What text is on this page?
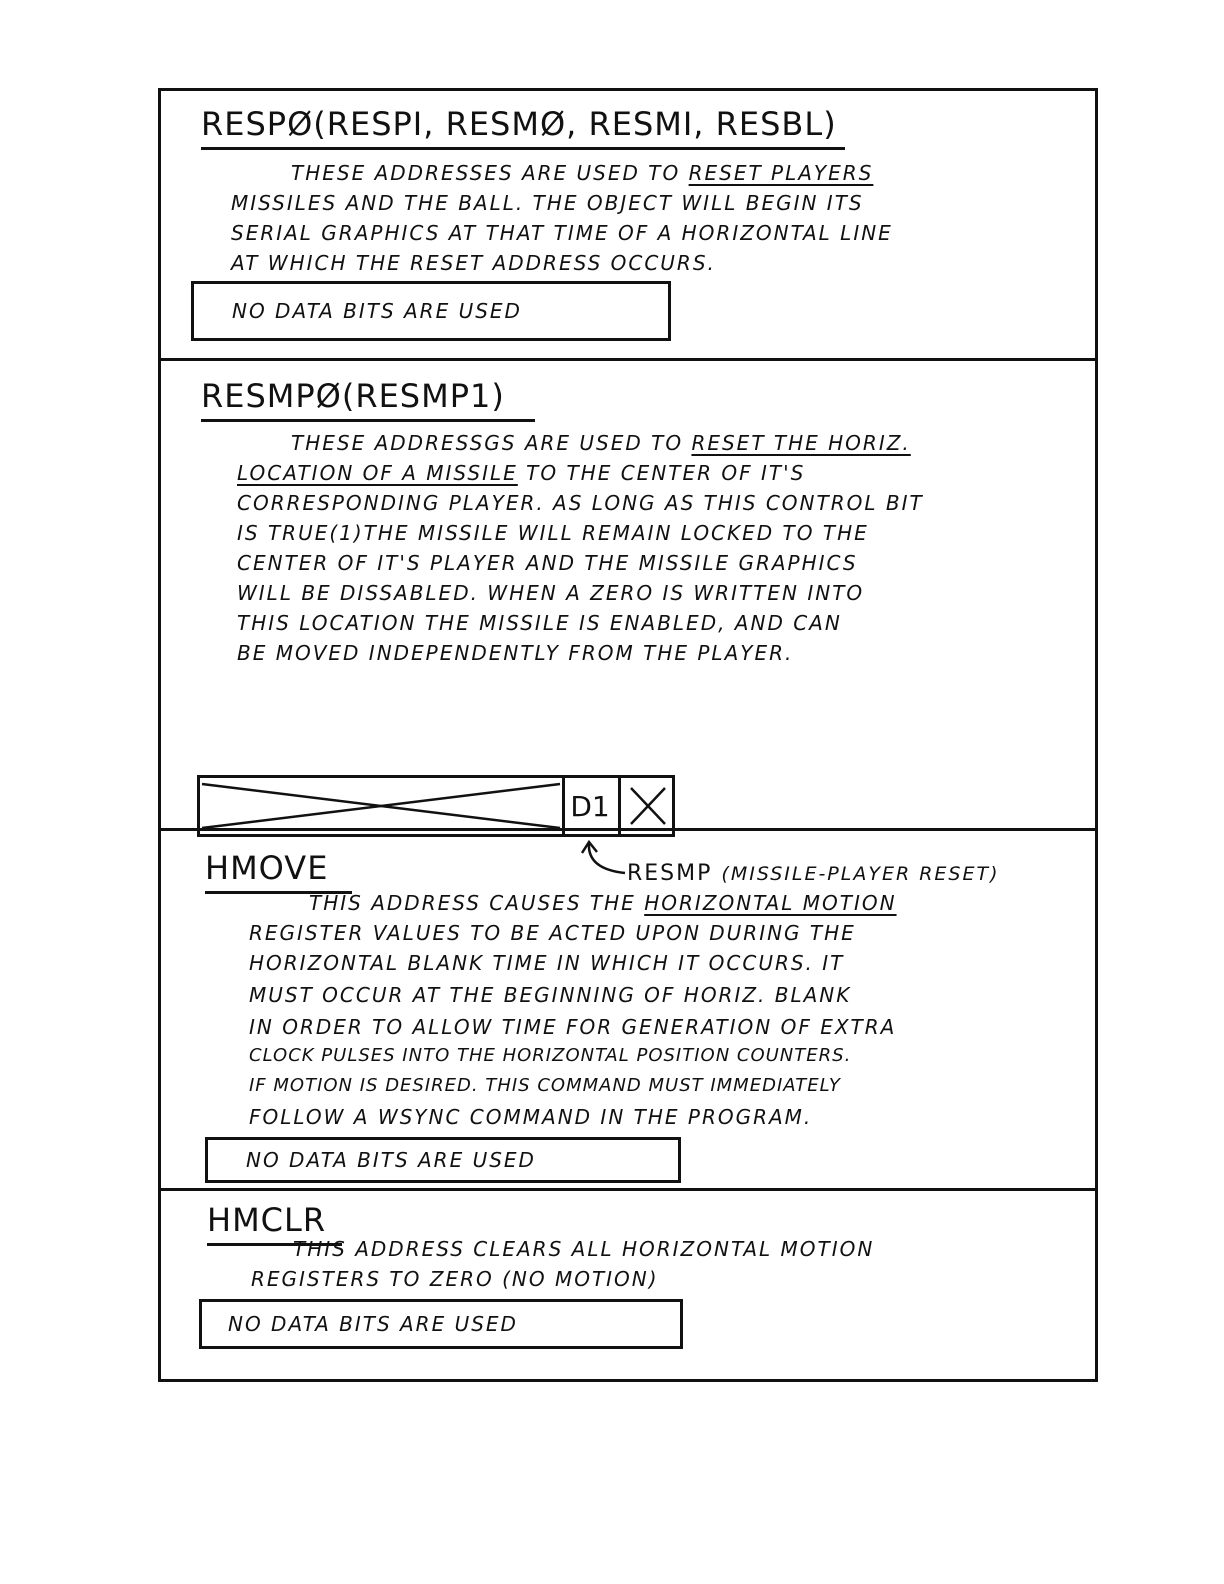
RESPØ(RESPI, RESMØ, RESMI, RESBL)
THESE ADDRESSES ARE USED TO RESET PLAYERS
MISSILES AND THE BALL. THE OBJECT WILL BEGIN ITS
SERIAL GRAPHICS AT THAT TIME OF A HORIZONTAL LINE
AT WHICH THE RESET ADDRESS OCCURS.
NO DATA BITS ARE USED
RESMPØ(RESMP1)
THESE ADDRESSGS ARE USED TO RESET THE HORIZ.
LOCATION OF A MISSILE TO THE CENTER OF IT'S
CORRESPONDING PLAYER. AS LONG AS THIS CONTROL BIT
IS TRUE(1)THE MISSILE WILL REMAIN LOCKED TO THE
CENTER OF IT'S PLAYER AND THE MISSILE GRAPHICS
WILL BE DISSABLED. WHEN A ZERO IS WRITTEN INTO
THIS LOCATION THE MISSILE IS ENABLED, AND CAN
BE MOVED INDEPENDENTLY FROM THE PLAYER.
D1
RESMP (MISSILE-PLAYER RESET)
HMOVE
THIS ADDRESS CAUSES THE HORIZONTAL MOTION
REGISTER VALUES TO BE ACTED UPON DURING THE
HORIZONTAL BLANK TIME IN WHICH IT OCCURS. IT
MUST OCCUR AT THE BEGINNING OF HORIZ. BLANK
IN ORDER TO ALLOW TIME FOR GENERATION OF EXTRA
CLOCK PULSES INTO THE HORIZONTAL POSITION COUNTERS.
IF MOTION IS DESIRED. THIS COMMAND MUST IMMEDIATELY
FOLLOW A WSYNC COMMAND IN THE PROGRAM.
NO DATA BITS ARE USED
HMCLR
THIS ADDRESS CLEARS ALL HORIZONTAL MOTION
REGISTERS TO ZERO (NO MOTION)
NO DATA BITS ARE USED
